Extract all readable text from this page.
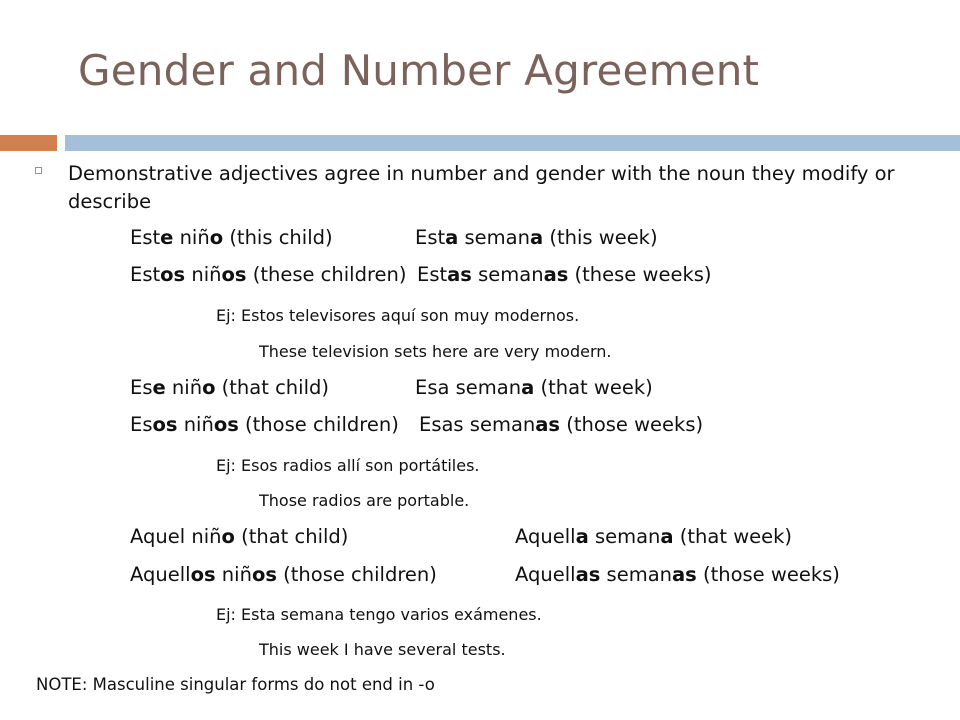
Gender and Number Agreement
Demonstrative adjectives agree in number and gender with the noun they modify or describe
Este niño (this child)	Esta semana (this week)
Estos niños (these children) Estas semanas (these weeks)
Ej: Estos televisores aquí son muy modernos.
These television sets here are very modern.
Ese niño (that child)	Esa semana (that week)
Esos niños (those children) Esas semanas (those weeks)
Ej: Esos radios allí son portátiles.
Those radios are portable.
Aquel niño (that child)	Aquella semana (that week)
Aquellos niños (those children)	Aquellas semanas (those weeks)
Ej: Esta semana tengo varios exámenes.
This week I have several tests.
NOTE: Masculine singular forms do not end in -o
